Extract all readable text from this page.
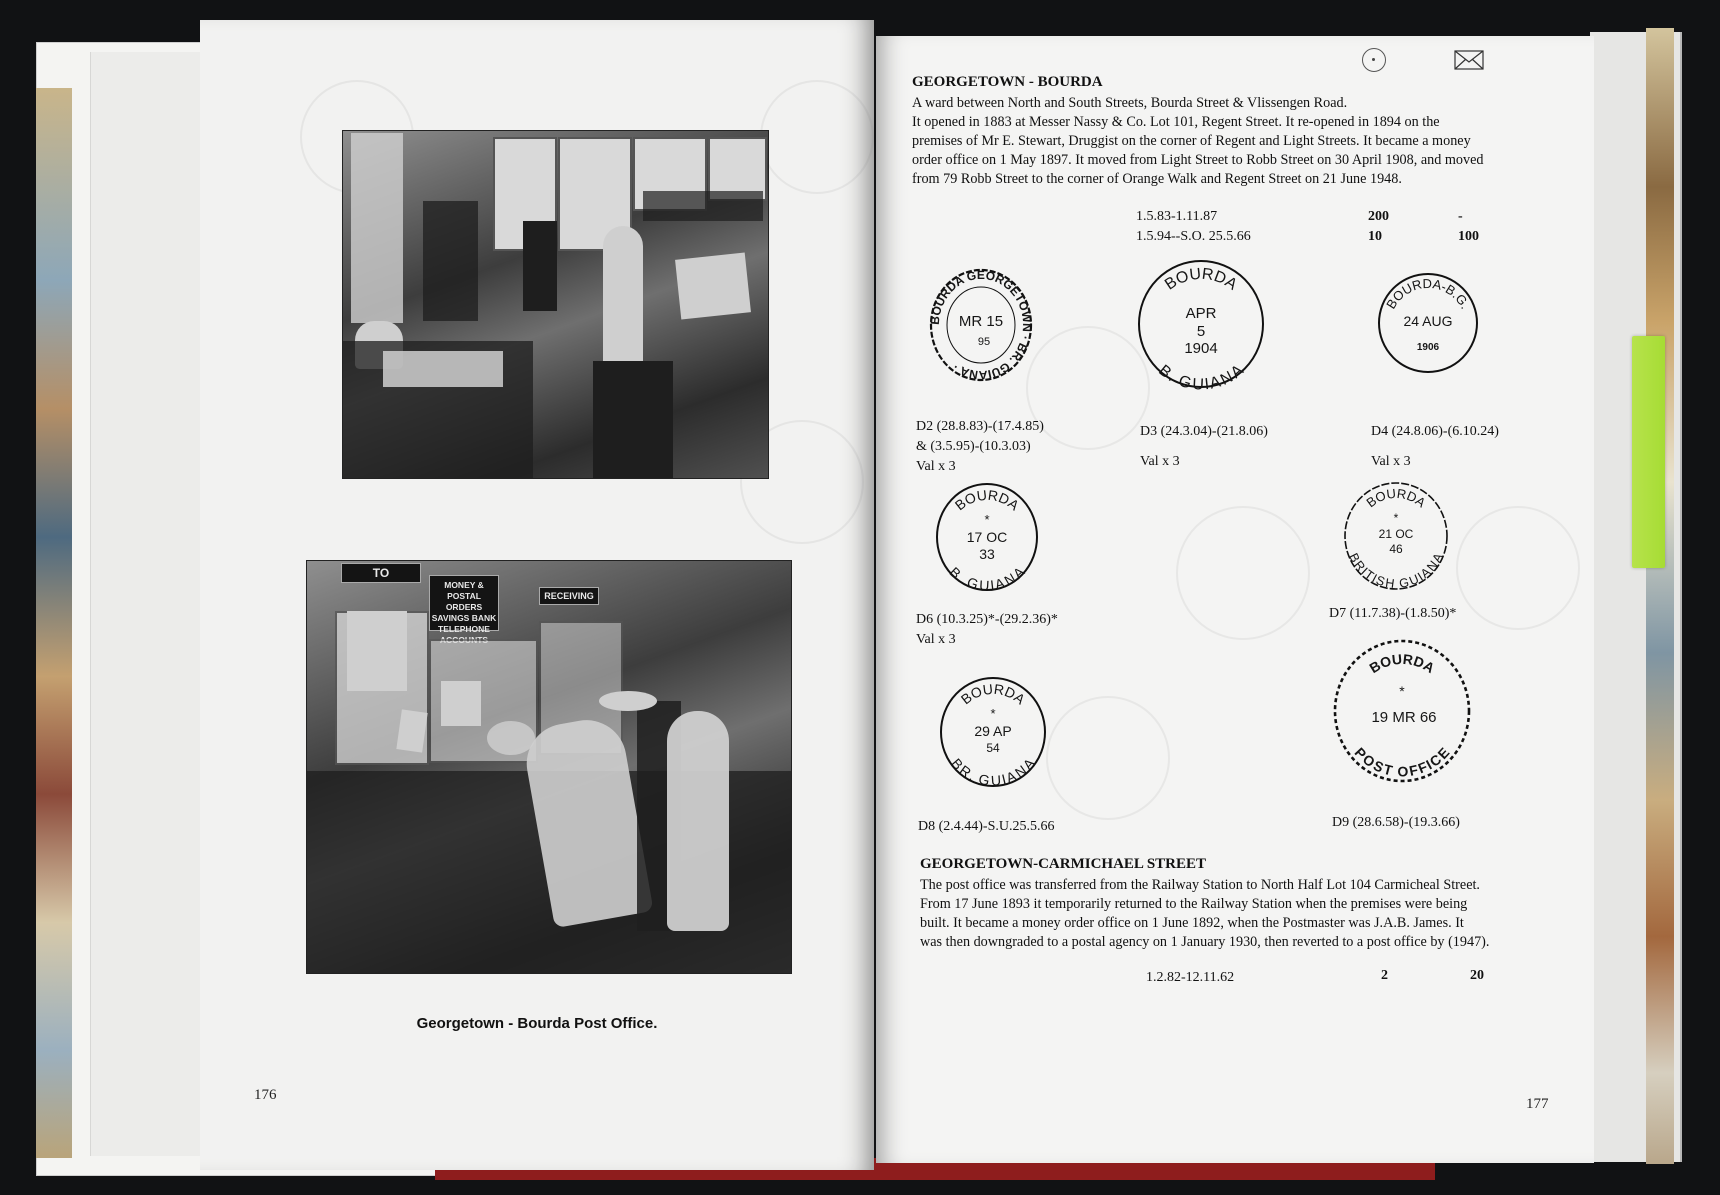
TO
MONEY & POSTAL ORDERS SAVINGS BANK TELEPHONE
RECEIVING
Georgetown - Bourda Post Office.
176
GEORGETOWN - BOURDA
A ward between North and South Streets, Bourda Street & Vlissengen Road.
It opened in 1883 at Messer Nassy & Co. Lot 101, Regent Street. It re-opened in 1894 on the
premises of Mr E. Stewart, Druggist on the corner of Regent and Light Streets. It became a money
order office on 1 May 1897. It moved from Light Street to Robb Street on 30 April 1908, and moved
from 79 Robb Street to the corner of Orange Walk and Regent Street on 21 June 1948.
1.5.83-1.11.87
1.5.94--S.O. 25.5.66
200
10
-
100
BOURDA GEORGETOWN · BR. GUIANA ·
MR 15
95
D2 (28.8.83)-(17.4.85)
& (3.5.95)-(10.3.03)
Val x 3
BOURDA
B. GUIANA
APR
5
1904
D3 (24.3.04)-(21.8.06)
Val x 3
BOURDA-B.G.
24 AUG
1906
D4 (24.8.06)-(6.10.24)
Val x 3
BOURDA
B. GUIANA
*
17 OC
33
D6 (10.3.25)*-(29.2.36)*
Val x 3
BOURDA
BRITISH GUIANA
*
21 OC
46
D7 (11.7.38)-(1.8.50)*
BOURDA
BR. GUIANA
*
29 AP
54
D8 (2.4.44)-S.U.25.5.66
BOURDA
POST OFFICE
*
19 MR 66
D9 (28.6.58)-(19.3.66)
GEORGETOWN-CARMICHAEL STREET
The post office was transferred from the Railway Station to North Half Lot 104 Carmicheal Street.
From 17 June 1893 it temporarily returned to the Railway Station when the premises were being
built. It became a money order office on 1 June 1892, when the Postmaster was J.A.B. James. It
was then downgraded to a postal agency on 1 January 1930, then reverted to a post office by (1947).
1.2.82-12.11.62	2	20
177
